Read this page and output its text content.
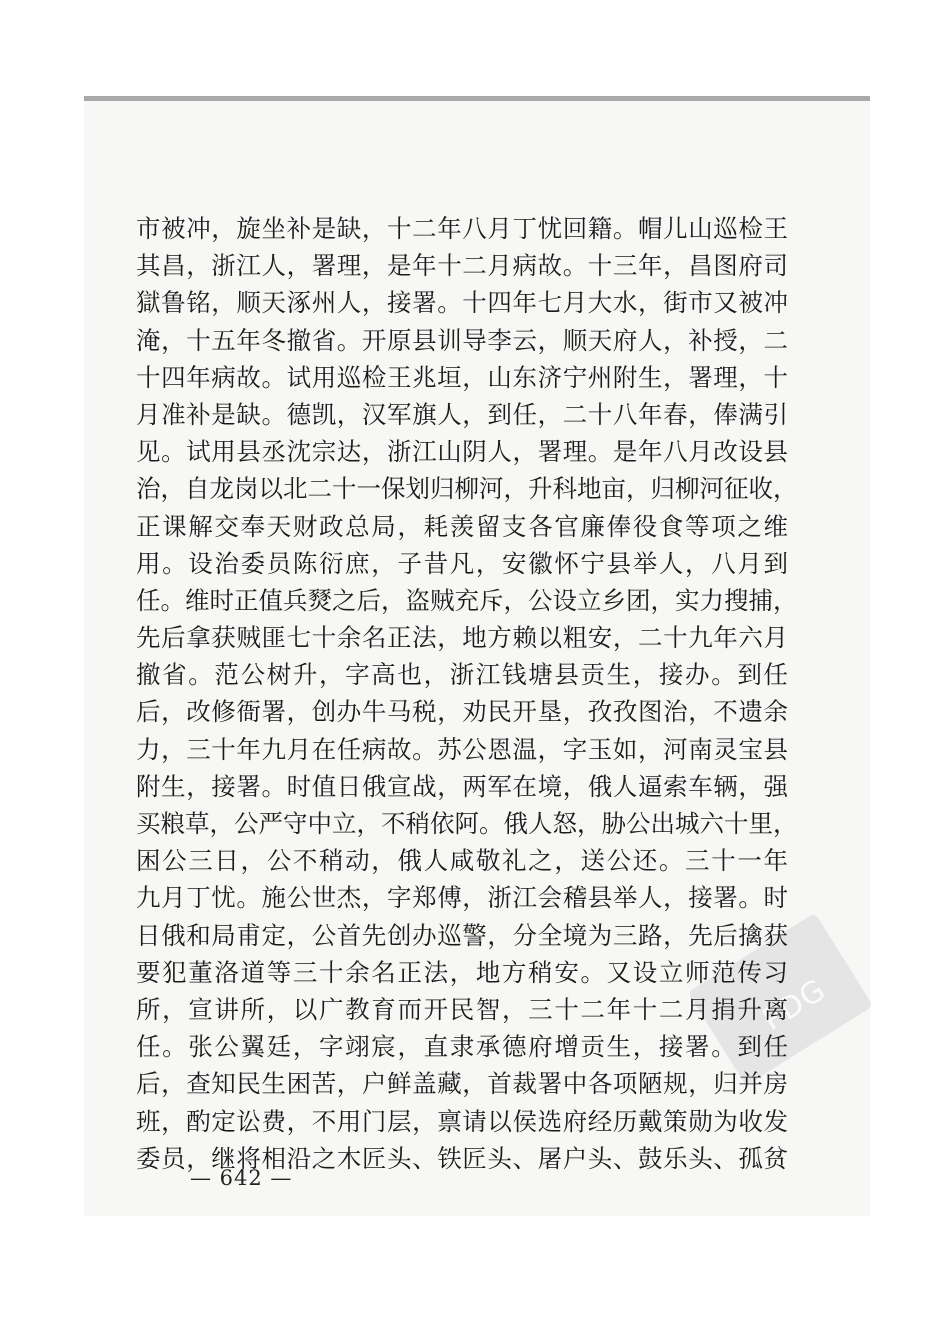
PDG
市被冲，旋坐补是缺，十二年八月丁忧回籍。帽儿山巡检王
其昌，浙江人，署理，是年十二月病故。十三年，昌图府司
獄鲁铭，顺天涿州人，接署。十四年七月大水，街市又被冲
淹，十五年冬撤省。开原县训导李云，顺天府人，补授，二
十四年病故。试用巡检王兆垣，山东济宁州附生，署理，十
月准补是缺。德凯，汉军旗人，到任，二十八年春，俸满引
见。试用县丞沈宗达，浙江山阴人，署理。是年八月改设县
治，自龙岗以北二十一保划归柳河，升科地亩，归柳河征收，
正课解交奉天财政总局，耗羡留支各官廉俸役食等项之维
用。设治委员陈衍庶，子昔凡，安徽怀宁县举人，八月到
任。维时正值兵燹之后，盗贼充斥，公设立乡团，实力搜捕，
先后拿获贼匪七十余名正法，地方赖以粗安，二十九年六月
撤省。范公树升，字高也，浙江钱塘县贡生，接办。到任
后，改修衙署，创办牛马税，劝民开垦，孜孜图治，不遗余
力，三十年九月在任病故。苏公恩温，字玉如，河南灵宝县
附生，接署。时值日俄宣战，两军在境，俄人逼索车辆，强
买粮草，公严守中立，不稍依阿。俄人怒，胁公出城六十里，
困公三日，公不稍动，俄人咸敬礼之，送公还。三十一年
九月丁忧。施公世杰，字郑傅，浙江会稽县举人，接署。时
日俄和局甫定，公首先创办巡警，分全境为三路，先后擒获
要犯董洛道等三十余名正法，地方稍安。又设立师范传习
所，宣讲所，以广教育而开民智，三十二年十二月捐升离
任。张公翼廷，字翊宸，直隶承德府增贡生，接署。到任
后，查知民生困苦，户鲜盖藏，首裁署中各项陋规，归并房
班，酌定讼费，不用门层，禀请以侯选府经历戴策勋为收发
委员，继将相沿之木匠头、铁匠头、屠户头、鼓乐头、孤贫
— 642 —
